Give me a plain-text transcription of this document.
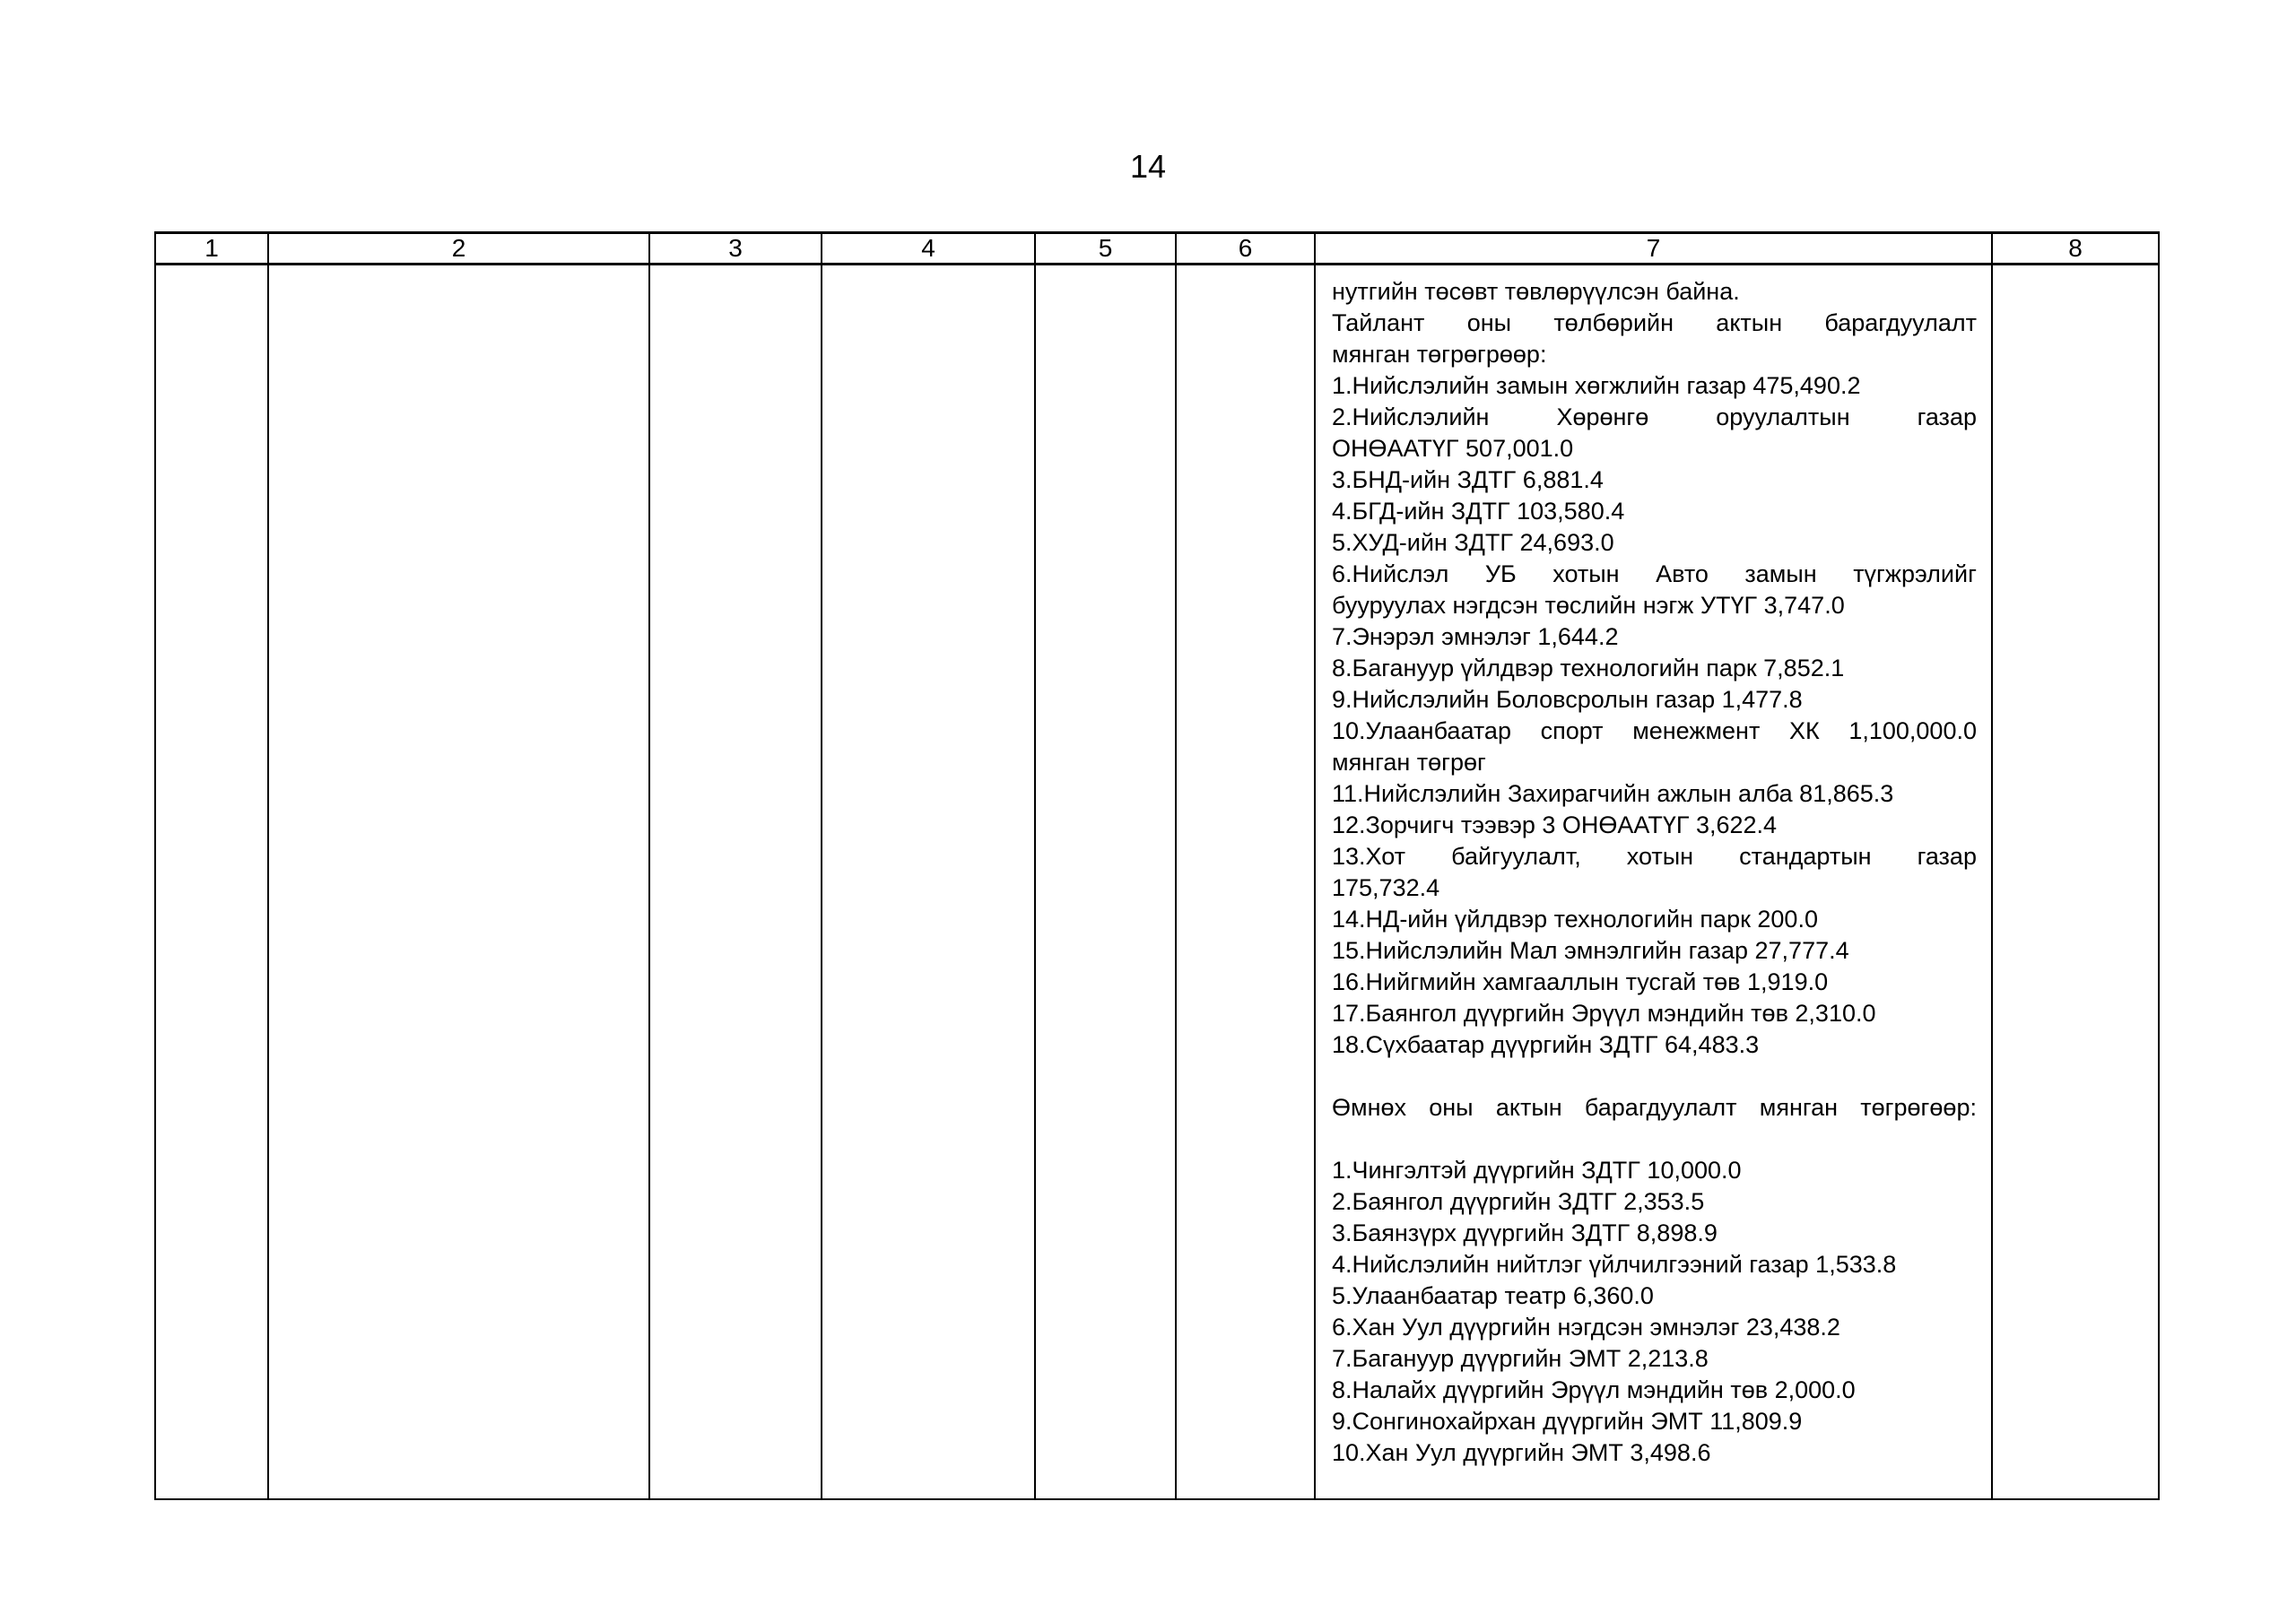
14
1	2	3	4	5	6	7	8

нутгийн төсөвт төвлөрүүлсэн байна.
Тайлант оны төлбөрийн актын барагдуулалт
мянган төгрөгрөөр:
1.Нийслэлийн замын хөгжлийн газар 475,490.2
2.Нийслэлийн	Хөрөнгө	оруулалтын	газар
ОНӨААТҮГ 507,001.0
3.БНД-ийн ЗДТГ 6,881.4
4.БГД-ийн ЗДТГ 103,580.4
5.ХУД-ийн ЗДТГ 24,693.0
6.Нийслэл УБ хотын Авто замын түгжрэлийг
бууруулах нэгдсэн төслийн нэгж УТҮГ 3,747.0
7.Энэрэл эмнэлэг 1,644.2
8.Багануур үйлдвэр технологийн парк 7,852.1
9.Нийслэлийн Боловсролын газар 1,477.8
10.Улаанбаатар спорт менежмент ХК 1,100,000.0
мянган төгрөг
11.Нийслэлийн Захирагчийн ажлын алба 81,865.3
12.Зорчигч тээвэр 3 ОНӨААТҮГ 3,622.4
13.Хот байгуулалт, хотын стандартын газар
175,732.4
14.НД-ийн үйлдвэр технологийн парк 200.0
15.Нийслэлийн Мал эмнэлгийн газар 27,777.4
16.Нийгмийн хамгааллын тусгай төв 1,919.0
17.Баянгол дүүргийн Эрүүл мэндийн төв 2,310.0
18.Сүхбаатар дүүргийн ЗДТГ 64,483.3

Өмнөх оны актын барагдуулалт мянган төгрөгөөр:

1.Чингэлтэй дүүргийн ЗДТГ 10,000.0
2.Баянгол дүүргийн ЗДТГ 2,353.5
3.Баянзүрх дүүргийн ЗДТГ 8,898.9
4.Нийслэлийн нийтлэг үйлчилгээний газар 1,533.8
5.Улаанбаатар театр 6,360.0
6.Хан Уул дүүргийн нэгдсэн эмнэлэг 23,438.2
7.Багануур дүүргийн ЭМТ 2,213.8
8.Налайх дүүргийн Эрүүл мэндийн төв 2,000.0
9.Сонгинохайрхан дүүргийн ЭМТ 11,809.9
10.Хан Уул дүүргийн ЭМТ 3,498.6
